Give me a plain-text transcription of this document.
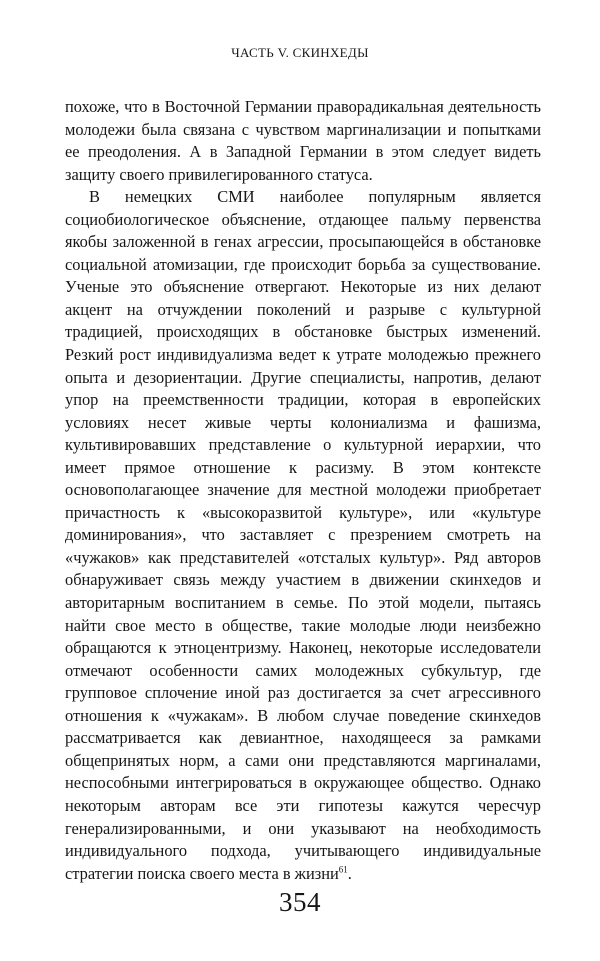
ЧАСТЬ V. СКИНХЕДЫ

похоже, что в Восточной Германии праворадикальная деятельность молодежи была связана с чувством маргинализации и попытками ее преодоления. А в Западной Германии в этом следует видеть защиту своего привилегированного статуса.

В немецких СМИ наиболее популярным является социобиологическое объяснение, отдающее пальму первенства якобы заложенной в генах агрессии, просыпающейся в обстановке социальной атомизации, где происходит борьба за существование. Ученые это объяснение отвергают. Некоторые из них делают акцент на отчуждении поколений и разрыве с культурной традицией, происходящих в обстановке быстрых изменений. Резкий рост индивидуализма ведет к утрате молодежью прежнего опыта и дезориентации. Другие специалисты, напротив, делают упор на преемственности традиции, которая в европейских условиях несет живые черты колониализма и фашизма, культивировавших представление о культурной иерархии, что имеет прямое отношение к расизму. В этом контексте основополагающее значение для местной молодежи приобретает причастность к «высокоразвитой культуре», или «культуре доминирования», что заставляет с презрением смотреть на «чужаков» как представителей «отсталых культур». Ряд авторов обнаруживает связь между участием в движении скинхедов и авторитарным воспитанием в семье. По этой модели, пытаясь найти свое место в обществе, такие молодые люди неизбежно обращаются к этноцентризму. Наконец, некоторые исследователи отмечают особенности самих молодежных субкультур, где групповое сплочение иной раз достигается за счет агрессивного отношения к «чужакам». В любом случае поведение скинхедов рассматривается как девиантное, находящееся за рамками общепринятых норм, а сами они представляются маргиналами, неспособными интегрироваться в окружающее общество. Однако некоторым авторам все эти гипотезы кажутся чересчур генерализированными, и они указывают на необходимость индивидуального подхода, учитывающего индивидуальные стратегии поиска своего места в жизни$^{61}$.

354
